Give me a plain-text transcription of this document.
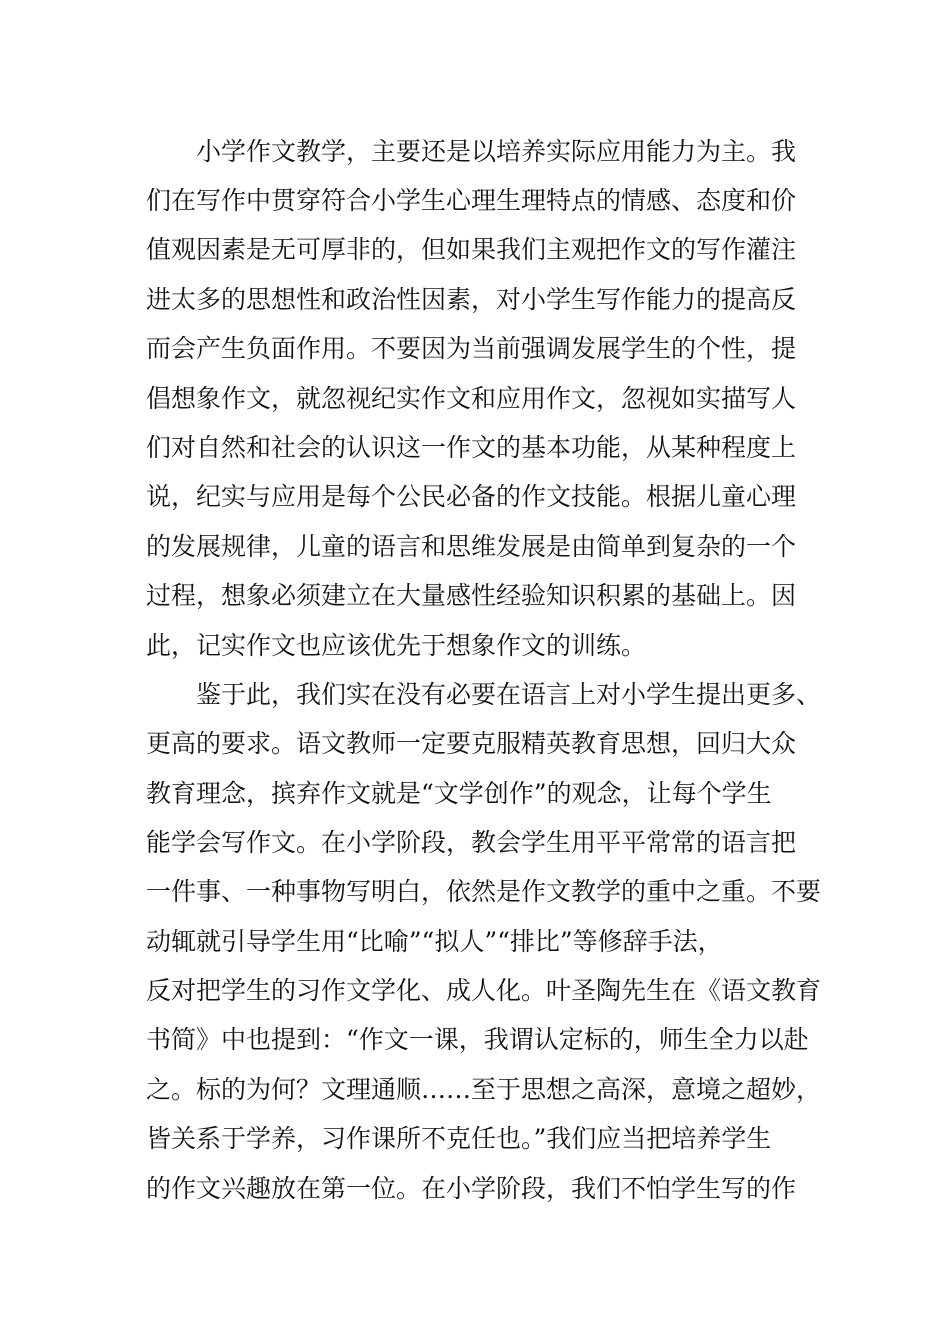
小学作文教学，主要还是以培养实际应用能力为主。我
们在写作中贯穿符合小学生心理生理特点的情感、态度和价
值观因素是无可厚非的，但如果我们主观把作文的写作灌注
进太多的思想性和政治性因素，对小学生写作能力的提高反
而会产生负面作用。不要因为当前强调发展学生的个性，提
倡想象作文，就忽视纪实作文和应用作文，忽视如实描写人
们对自然和社会的认识这一作文的基本功能，从某种程度上
说，纪实与应用是每个公民必备的作文技能。根据儿童心理
的发展规律，儿童的语言和思维发展是由简单到复杂的一个
过程，想象必须建立在大量感性经验知识积累的基础上。因
此，记实作文也应该优先于想象作文的训练。
鉴于此，我们实在没有必要在语言上对小学生提出更多、
更高的要求。语文教师一定要克服精英教育思想，回归大众
教育理念，摈弃作文就是“文学创作”的观念，让每个学生
能学会写作文。在小学阶段，教会学生用平平常常的语言把
一件事、一种事物写明白，依然是作文教学的重中之重。不要
动辄就引导学生用“比喻”“拟人”“排比”等修辞手法，
反对把学生的习作文学化、成人化。叶圣陶先生在《语文教育
书简》中也提到：“作文一课，我谓认定标的，师生全力以赴
之。标的为何？文理通顺……至于思想之高深，意境之超妙，
皆关系于学养，习作课所不克任也。”我们应当把培养学生
的作文兴趣放在第一位。在小学阶段，我们不怕学生写的作
